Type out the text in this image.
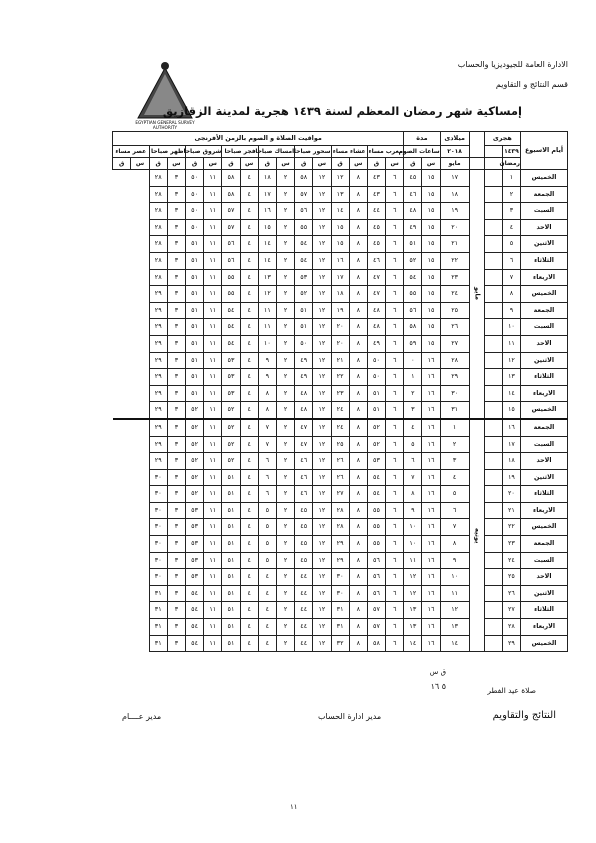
الادارة العامة للجيوديزيا والحساب
قسم النتائج و التقاويم
EGYPTIAN GENERAL SURVEY
AUTHORITY
إمساكية شهر رمضان المعظم لسنة ١٤٣٩ هجرية لمدينة الزقازيق
أيام الاسبوع	هجرى			ميلادى	مدة		مواقيت الصلاة و الصوم بالزمن الأفرنجى															
	١٤٣٩			٢٠١٨	ساعات الصوم		مغرب مساء		عشاء مساء		سحور صباحا		امساك صباحا		فجر صباحا		شروق صباحا		ظهر صباحا		عصر مساء	
	رمضان			مايو	س	ق	س	ق	س	ق	س	ق	س	ق	س	ق	س	ق	س	ق	س	ق
الخميس	١		مايو	١٧	١٥	٤٥	٦	٤٣	٨	١٢	١٢	٥٨	٢	١٨	٤	٥٨	١١	٥٠	٣	٢٨		
الجمعة	٢			١٨	١٥	٤٦	٦	٤٣	٨	١٣	١٢	٥٧	٢	١٧	٤	٥٨	١١	٥٠	٣	٢٨		
السبت	٣			١٩	١٥	٤٨	٦	٤٤	٨	١٤	١٢	٥٦	٢	١٦	٤	٥٧	١١	٥٠	٣	٢٨		
الاحد	٤			٢٠	١٥	٤٩	٦	٤٥	٨	١٥	١٢	٥٥	٢	١٥	٤	٥٧	١١	٥٠	٣	٢٨		
الاثنين	٥			٢١	١٥	٥١	٦	٤٥	٨	١٥	١٢	٥٤	٢	١٤	٤	٥٦	١١	٥١	٣	٢٨		
الثلاثاء	٦			٢٢	١٥	٥٢	٦	٤٦	٨	١٦	١٢	٥٤	٢	١٤	٤	٥٦	١١	٥١	٣	٢٨		
الاربعاء	٧			٢٣	١٥	٥٤	٦	٤٧	٨	١٧	١٢	٥٣	٢	١٣	٤	٥٥	١١	٥١	٣	٢٨		
الخميس	٨			٢٤	١٥	٥٥	٦	٤٧	٨	١٨	١٢	٥٢	٢	١٢	٤	٥٥	١١	٥١	٣	٢٩		
الجمعة	٩			٢٥	١٥	٥٦	٦	٤٨	٨	١٩	١٢	٥١	٢	١١	٤	٥٤	١١	٥١	٣	٢٩		
السبت	١٠			٢٦	١٥	٥٨	٦	٤٨	٨	٢٠	١٢	٥١	٢	١١	٤	٥٤	١١	٥١	٣	٢٩		
الاحد	١١			٢٧	١٥	٥٩	٦	٤٩	٨	٢٠	١٢	٥٠	٢	١٠	٤	٥٤	١١	٥١	٣	٢٩		
الاثنين	١٢			٢٨	١٦	٠	٦	٥٠	٨	٢١	١٢	٤٩	٢	٩	٤	٥٣	١١	٥١	٣	٢٩		
الثلاثاء	١٣			٢٩	١٦	١	٦	٥٠	٨	٢٢	١٢	٤٩	٢	٩	٤	٥٣	١١	٥١	٣	٢٩		
الاربعاء	١٤			٣٠	١٦	٢	٦	٥١	٨	٢٣	١٢	٤٨	٢	٨	٤	٥٣	١١	٥١	٣	٢٩		
الخميس	١٥			٣١	١٦	٣	٦	٥١	٨	٢٤	١٢	٤٨	٢	٨	٤	٥٢	١١	٥٢	٣	٢٩		
الجمعة	١٦		يونيه	١	١٦	٤	٦	٥٢	٨	٢٤	١٢	٤٧	٢	٧	٤	٥٢	١١	٥٢	٣	٢٩		
السبت	١٧			٢	١٦	٥	٦	٥٢	٨	٢٥	١٢	٤٧	٢	٧	٤	٥٢	١١	٥٢	٣	٢٩		
الاحد	١٨			٣	١٦	٦	٦	٥٣	٨	٢٦	١٢	٤٦	٢	٦	٤	٥٢	١١	٥٢	٣	٢٩		
الاثنين	١٩			٤	١٦	٧	٦	٥٤	٨	٢٦	١٢	٤٦	٢	٦	٤	٥١	١١	٥٢	٣	٣٠		
الثلاثاء	٢٠			٥	١٦	٨	٦	٥٤	٨	٢٧	١٢	٤٦	٢	٦	٤	٥١	١١	٥٢	٣	٣٠		
الاربعاء	٢١			٦	١٦	٩	٦	٥٥	٨	٢٨	١٢	٤٥	٢	٥	٤	٥١	١١	٥٣	٣	٣٠		
الخميس	٢٢			٧	١٦	١٠	٦	٥٥	٨	٢٨	١٢	٤٥	٢	٥	٤	٥١	١١	٥٣	٣	٣٠		
الجمعة	٢٣			٨	١٦	١٠	٦	٥٥	٨	٢٩	١٢	٤٥	٢	٥	٤	٥١	١١	٥٣	٣	٣٠		
السبت	٢٤			٩	١٦	١١	٦	٥٦	٨	٢٩	١٢	٤٥	٢	٥	٤	٥١	١١	٥٣	٣	٣٠		
الاحد	٢٥			١٠	١٦	١٢	٦	٥٦	٨	٣٠	١٢	٤٤	٢	٤	٤	٥١	١١	٥٣	٣	٣٠		
الاثنين	٢٦			١١	١٦	١٢	٦	٥٦	٨	٣٠	١٢	٤٤	٢	٤	٤	٥١	١١	٥٤	٣	٣١		
الثلاثاء	٢٧			١٢	١٦	١٣	٦	٥٧	٨	٣١	١٢	٤٤	٢	٤	٤	٥١	١١	٥٤	٣	٣١		
الاربعاء	٢٨			١٣	١٦	١٣	٦	٥٧	٨	٣١	١٢	٤٤	٢	٤	٤	٥١	١١	٥٤	٣	٣١		
الخميس	٢٩			١٤	١٦	١٤	٦	٥٨	٨	٣٢	١٢	٤٤	٢	٤	٤	٥١	١١	٥٤	٣	٣١		
ق س
٥ ١٦	صلاة عيد الفطر
مدير عــــام	مدير ادارة الحساب	النتائج والتقاويم
١١
